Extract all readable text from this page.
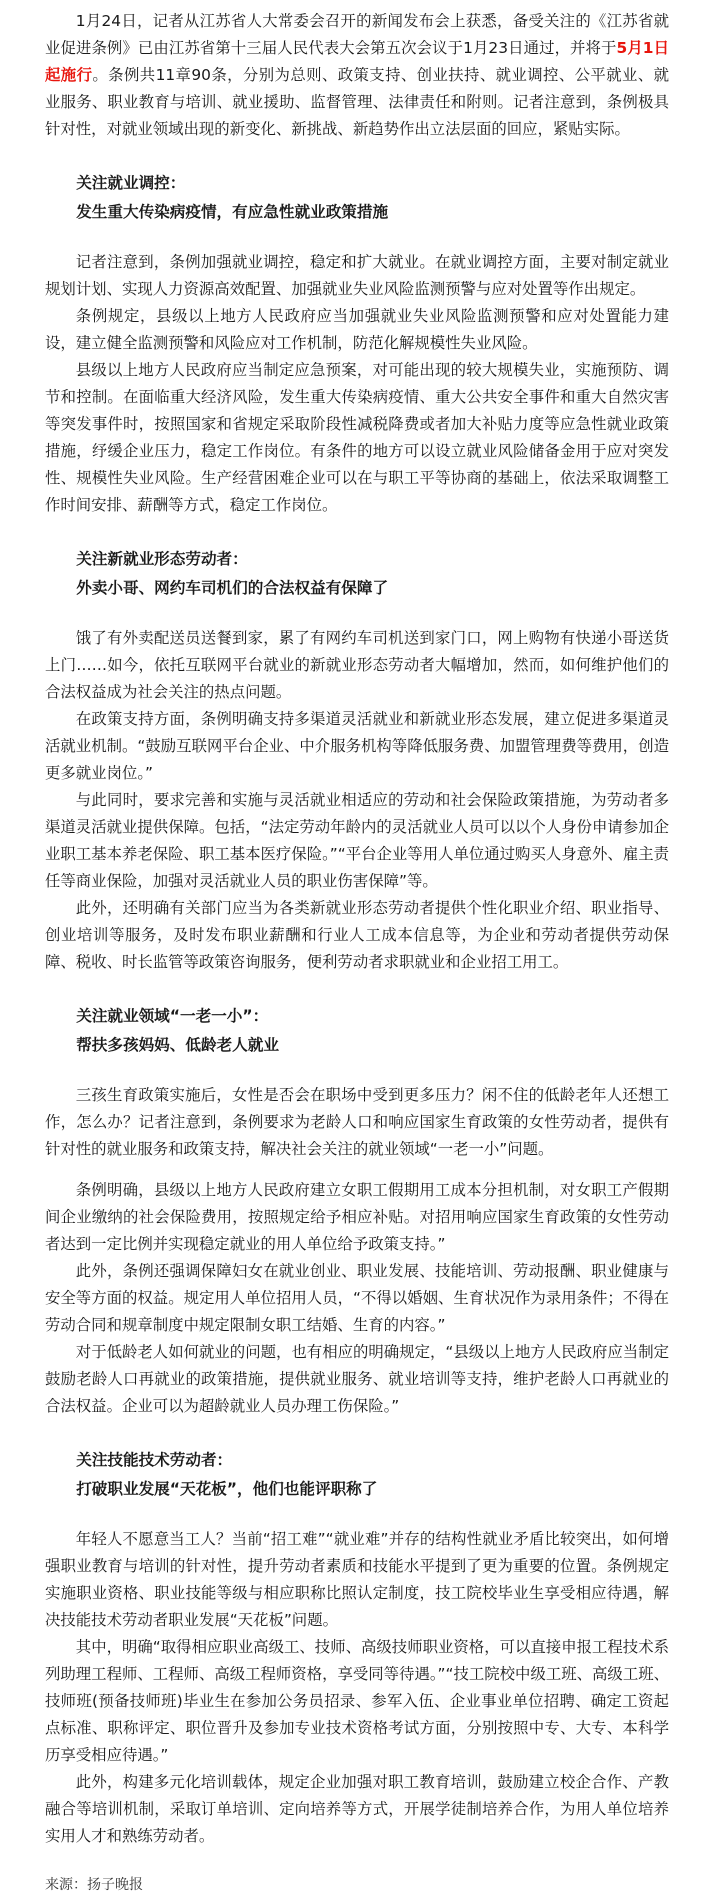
1月24日，记者从江苏省人大常委会召开的新闻发布会上获悉，备受关注的《江苏省就业促进条例》已由江苏省第十三届人民代表大会第五次会议于1月23日通过，并将于5月1日起施行。条例共11章90条，分别为总则、政策支持、创业扶持、就业调控、公平就业、就业服务、职业教育与培训、就业援助、监督管理、法律责任和附则。记者注意到，条例极具针对性，对就业领域出现的新变化、新挑战、新趋势作出立法层面的回应，紧贴实际。

关注就业调控：
发生重大传染病疫情，有应急性就业政策措施

记者注意到，条例加强就业调控，稳定和扩大就业。在就业调控方面，主要对制定就业规划计划、实现人力资源高效配置、加强就业失业风险监测预警与应对处置等作出规定。

条例规定，县级以上地方人民政府应当加强就业失业风险监测预警和应对处置能力建设，建立健全监测预警和风险应对工作机制，防范化解规模性失业风险。

县级以上地方人民政府应当制定应急预案，对可能出现的较大规模失业，实施预防、调节和控制。在面临重大经济风险，发生重大传染病疫情、重大公共安全事件和重大自然灾害等突发事件时，按照国家和省规定采取阶段性减税降费或者加大补贴力度等应急性就业政策措施，纾缓企业压力，稳定工作岗位。有条件的地方可以设立就业风险储备金用于应对突发性、规模性失业风险。生产经营困难企业可以在与职工平等协商的基础上，依法采取调整工作时间安排、薪酬等方式，稳定工作岗位。

关注新就业形态劳动者：
外卖小哥、网约车司机们的合法权益有保障了

饿了有外卖配送员送餐到家，累了有网约车司机送到家门口，网上购物有快递小哥送货上门……如今，依托互联网平台就业的新就业形态劳动者大幅增加，然而，如何维护他们的合法权益成为社会关注的热点问题。

在政策支持方面，条例明确支持多渠道灵活就业和新就业形态发展，建立促进多渠道灵活就业机制。“鼓励互联网平台企业、中介服务机构等降低服务费、加盟管理费等费用，创造更多就业岗位。”

与此同时，要求完善和实施与灵活就业相适应的劳动和社会保险政策措施，为劳动者多渠道灵活就业提供保障。包括，“法定劳动年龄内的灵活就业人员可以以个人身份申请参加企业职工基本养老保险、职工基本医疗保险。”“平台企业等用人单位通过购买人身意外、雇主责任等商业保险，加强对灵活就业人员的职业伤害保障”等。

此外，还明确有关部门应当为各类新就业形态劳动者提供个性化职业介绍、职业指导、创业培训等服务，及时发布职业薪酬和行业人工成本信息等，为企业和劳动者提供劳动保障、税收、时长监管等政策咨询服务，便利劳动者求职就业和企业招工用工。

关注就业领域“一老一小”：
帮扶多孩妈妈、低龄老人就业

三孩生育政策实施后，女性是否会在职场中受到更多压力？闲不住的低龄老年人还想工作，怎么办？记者注意到，条例要求为老龄人口和响应国家生育政策的女性劳动者，提供有针对性的就业服务和政策支持，解决社会关注的就业领域“一老一小”问题。

条例明确，县级以上地方人民政府建立女职工假期用工成本分担机制，对女职工产假期间企业缴纳的社会保险费用，按照规定给予相应补贴。对招用响应国家生育政策的女性劳动者达到一定比例并实现稳定就业的用人单位给予政策支持。”

此外，条例还强调保障妇女在就业创业、职业发展、技能培训、劳动报酬、职业健康与安全等方面的权益。规定用人单位招用人员，“不得以婚姻、生育状况作为录用条件；不得在劳动合同和规章制度中规定限制女职工结婚、生育的内容。”

对于低龄老人如何就业的问题，也有相应的明确规定，“县级以上地方人民政府应当制定鼓励老龄人口再就业的政策措施，提供就业服务、就业培训等支持，维护老龄人口再就业的合法权益。企业可以为超龄就业人员办理工伤保险。”

关注技能技术劳动者：
打破职业发展“天花板”，他们也能评职称了

年轻人不愿意当工人？当前“招工难”“就业难”并存的结构性就业矛盾比较突出，如何增强职业教育与培训的针对性，提升劳动者素质和技能水平提到了更为重要的位置。条例规定实施职业资格、职业技能等级与相应职称比照认定制度，技工院校毕业生享受相应待遇，解决技能技术劳动者职业发展“天花板”问题。

其中，明确“取得相应职业高级工、技师、高级技师职业资格，可以直接申报工程技术系列助理工程师、工程师、高级工程师资格，享受同等待遇。”“技工院校中级工班、高级工班、技师班(预备技师班)毕业生在参加公务员招录、参军入伍、企业事业单位招聘、确定工资起点标准、职称评定、职位晋升及参加专业技术资格考试方面，分别按照中专、大专、本科学历享受相应待遇。”

此外，构建多元化培训载体，规定企业加强对职工教育培训，鼓励建立校企合作、产教融合等培训机制，采取订单培训、定向培养等方式，开展学徒制培养合作，为用人单位培养实用人才和熟练劳动者。

来源：扬子晚报
